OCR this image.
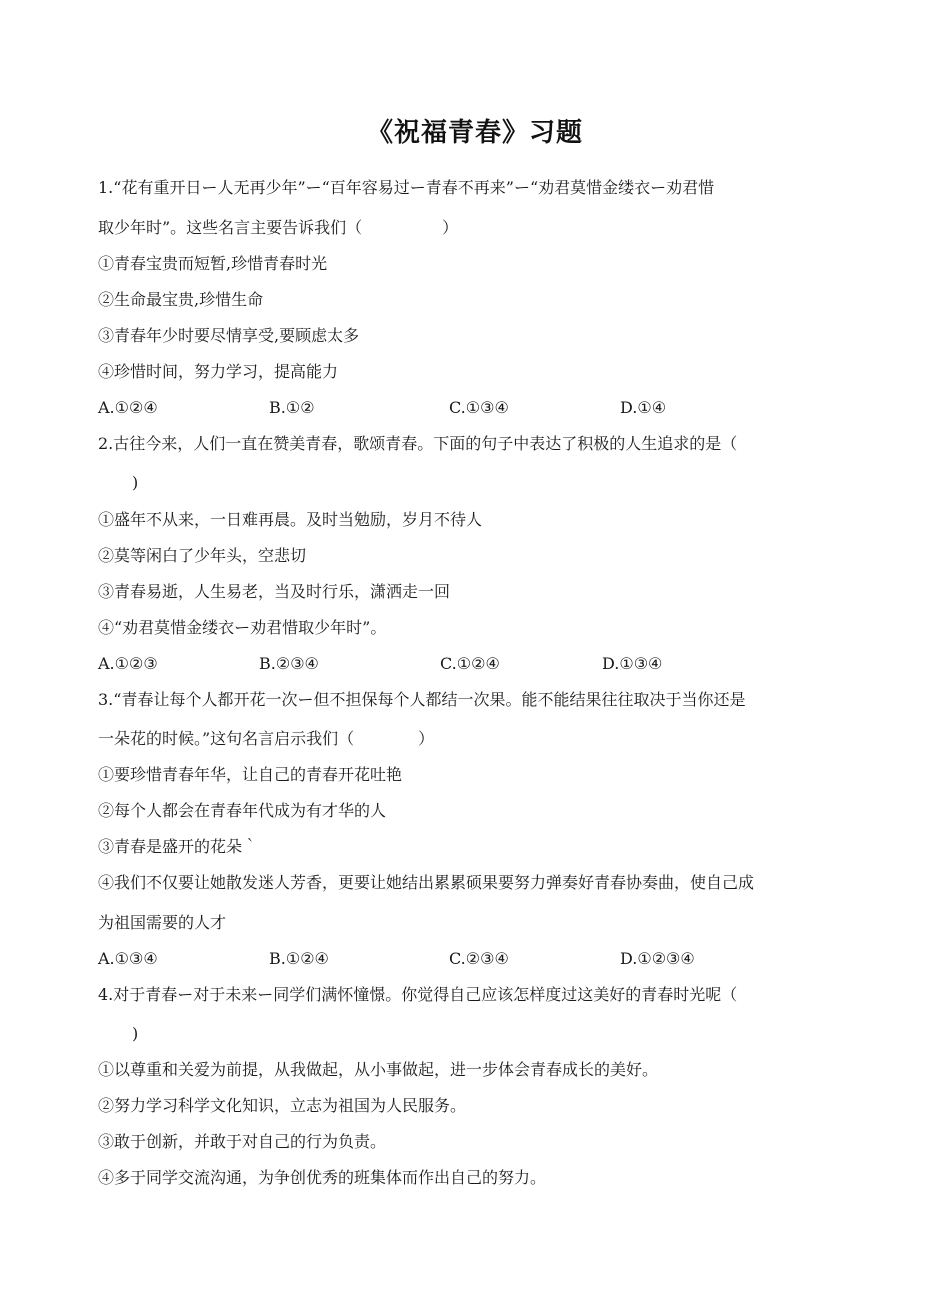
《祝福青春》习题
1.“花有重开日ー人无再少年”ー“百年容易过ー青春不再来”ー“劝君莫惜金缕衣ー劝君惜
取少年时”。这些名言主要告诉我们（　　　　　）
①青春宝贵而短暂,珍惜青春时光
②生命最宝贵,珍惜生命
③青春年少时要尽情享受,要顾虑太多
④珍惜时间，努力学习，提高能力
A.①②④	B.①②	C.①③④	D.①④
2.古往今来，人们一直在赞美青春，歌颂青春。下面的句子中表达了积极的人生追求的是（
)
①盛年不从来，一日难再晨。及时当勉励，岁月不待人
②莫等闲白了少年头，空悲切
③青春易逝，人生易老，当及时行乐，潇洒走一回
④“劝君莫惜金缕衣ー劝君惜取少年时”。
A.①②③	B.②③④	C.①②④	D.①③④
3.“青春让每个人都开花一次ー但不担保每个人都结一次果。能不能结果往往取决于当你还是
一朵花的时候。”这句名言启示我们（　　　　）
①要珍惜青春年华，让自己的青春开花吐艳
②每个人都会在青春年代成为有才华的人
③青春是盛开的花朵｀
④我们不仅要让她散发迷人芳香，更要让她结出累累硕果要努力弹奏好青春协奏曲，使自己成
为祖国需要的人才
A.①③④	B.①②④	C.②③④	D.①②③④
4.对于青春ー对于未来ー同学们满怀憧憬。你觉得自己应该怎样度过这美好的青春时光呢（
)
①以尊重和关爱为前提，从我做起，从小事做起，进一步体会青春成长的美好。
②努力学习科学文化知识，立志为祖国为人民服务。
③敢于创新，并敢于对自己的行为负责。
④多于同学交流沟通，为争创优秀的班集体而作出自己的努力。
